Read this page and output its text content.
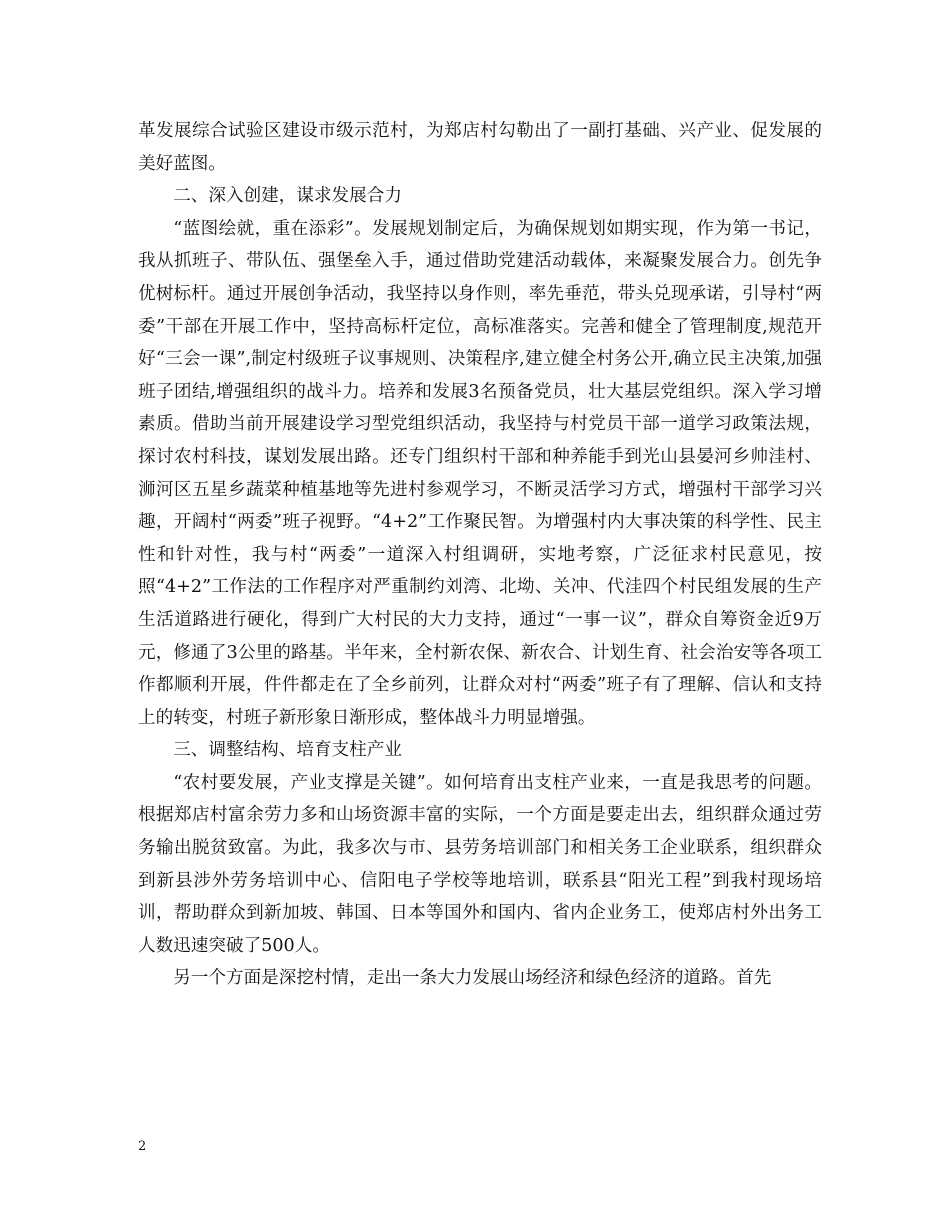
革发展综合试验区建设市级示范村，为郑店村勾勒出了一副打基础、兴产业、促发展的美好蓝图。

二、深入创建，谋求发展合力

“蓝图绘就，重在添彩”。发展规划制定后，为确保规划如期实现，作为第一书记，我从抓班子、带队伍、强堡垒入手，通过借助党建活动载体，来凝聚发展合力。创先争优树标杆。通过开展创争活动，我坚持以身作则，率先垂范，带头兑现承诺，引导村“两委”干部在开展工作中，坚持高标杆定位，高标准落实。完善和健全了管理制度,规范开好“三会一课”,制定村级班子议事规则、决策程序,建立健全村务公开,确立民主决策,加强班子团结,增强组织的战斗力。培养和发展3名预备党员，壮大基层党组织。深入学习增素质。借助当前开展建设学习型党组织活动，我坚持与村党员干部一道学习政策法规，探讨农村科技，谋划发展出路。还专门组织村干部和种养能手到光山县晏河乡帅洼村、浉河区五星乡蔬菜种植基地等先进村参观学习，不断灵活学习方式，增强村干部学习兴趣，开阔村“两委”班子视野。“4+2”工作聚民智。为增强村内大事决策的科学性、民主性和针对性，我与村“两委”一道深入村组调研，实地考察，广泛征求村民意见，按照“4+2”工作法的工作程序对严重制约刘湾、北坳、关冲、代洼四个村民组发展的生产生活道路进行硬化，得到广大村民的大力支持，通过“一事一议”，群众自筹资金近9万元，修通了3公里的路基。半年来，全村新农保、新农合、计划生育、社会治安等各项工作都顺利开展，件件都走在了全乡前列，让群众对村“两委”班子有了理解、信认和支持上的转变，村班子新形象日渐形成，整体战斗力明显增强。

三、调整结构、培育支柱产业

“农村要发展，产业支撑是关键”。如何培育出支柱产业来，一直是我思考的问题。根据郑店村富余劳力多和山场资源丰富的实际，一个方面是要走出去，组织群众通过劳务输出脱贫致富。为此，我多次与市、县劳务培训部门和相关务工企业联系，组织群众到新县涉外劳务培训中心、信阳电子学校等地培训，联系县“阳光工程”到我村现场培训，帮助群众到新加坡、韩国、日本等国外和国内、省内企业务工，使郑店村外出务工人数迅速突破了500人。

另一个方面是深挖村情，走出一条大力发展山场经济和绿色经济的道路。首先

2
